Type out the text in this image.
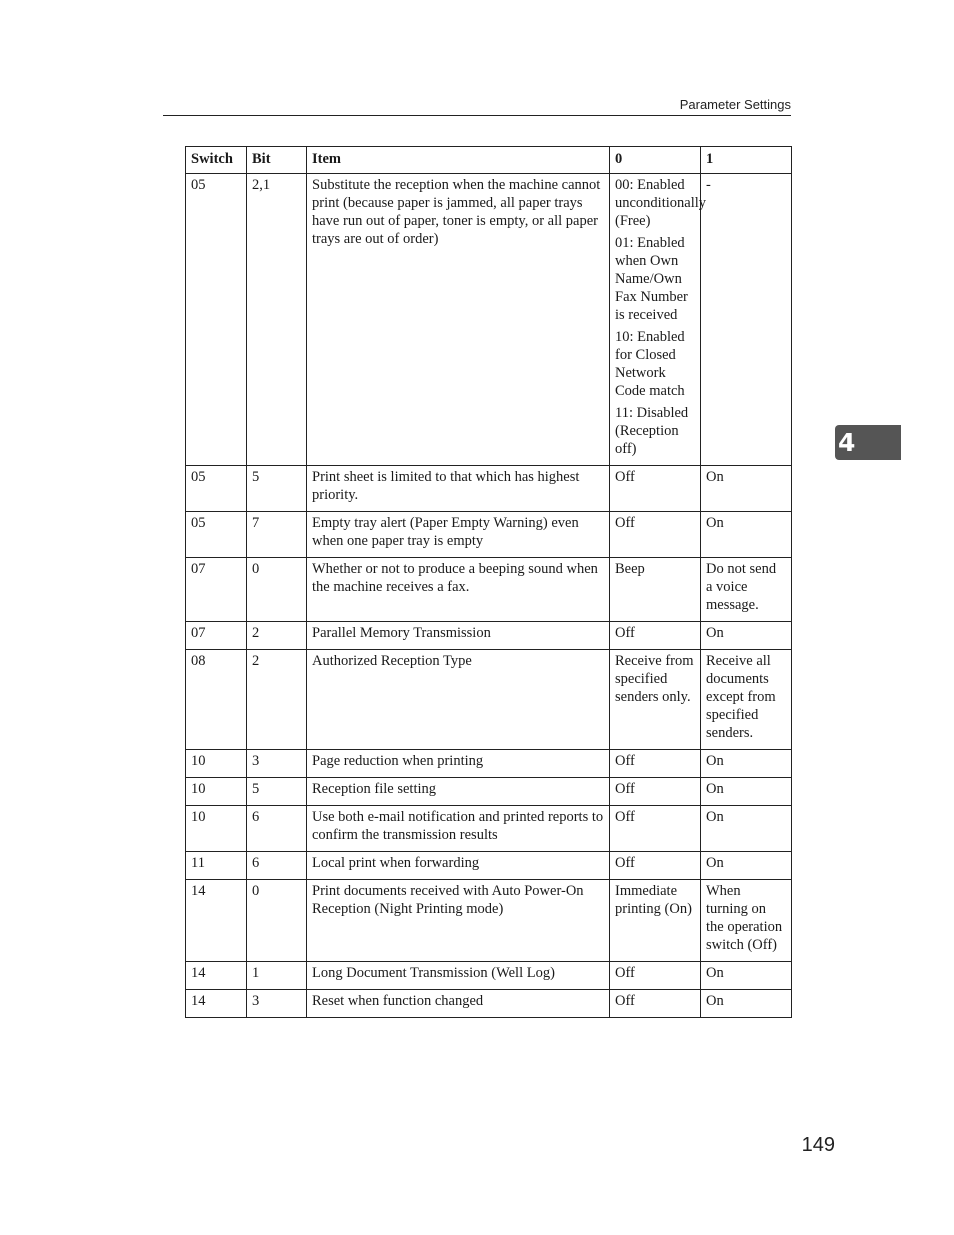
Parameter Settings
4
Switch	Bit	Item	0	1
05	2,1	Substitute the reception when the machine cannot print (because paper is jammed, all paper trays have run out of paper, toner is empty, or all paper trays are out of order)	00: Enabled unconditionally (Free)
01: Enabled when Own Name/Own Fax Number is received
10: Enabled for Closed Network Code match
11: Disabled (Reception off)	-
05	5	Print sheet is limited to that which has highest priority.	Off	On
05	7	Empty tray alert (Paper Empty Warning) even when one paper tray is empty	Off	On
07	0	Whether or not to produce a beeping sound when the machine receives a fax.	Beep	Do not send a voice message.
07	2	Parallel Memory Transmission	Off	On
08	2	Authorized Reception Type	Receive from specified senders only.	Receive all documents except from specified senders.
10	3	Page reduction when printing	Off	On
10	5	Reception file setting	Off	On
10	6	Use both e-mail notification and printed reports to confirm the transmission results	Off	On
11	6	Local print when forwarding	Off	On
14	0	Print documents received with Auto Power-On Reception (Night Printing mode)	Immediate printing (On)	When turning on the operation switch (Off)
14	1	Long Document Transmission (Well Log)	Off	On
14	3	Reset when function changed	Off	On
149
